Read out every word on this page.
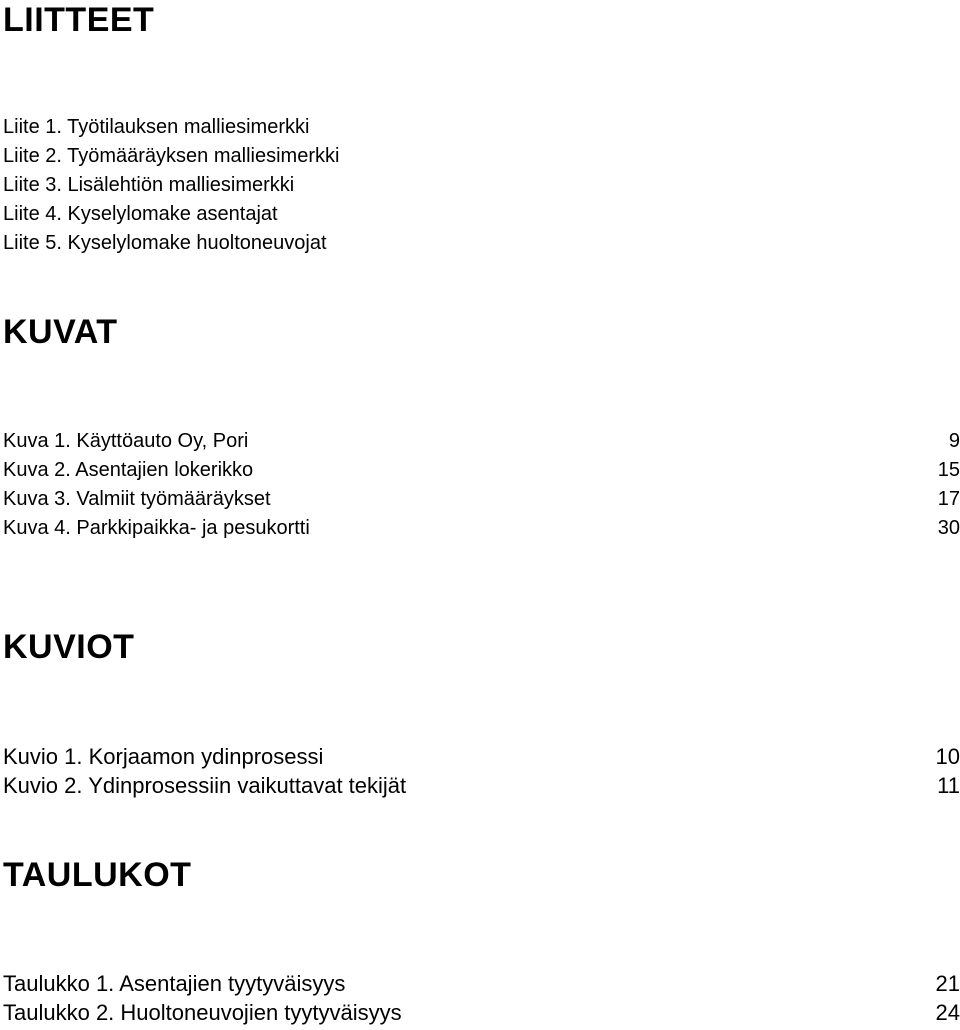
LIITTEET
Liite 1. Työtilauksen malliesimerkki
Liite 2. Työmääräyksen malliesimerkki
Liite 3. Lisälehtiön malliesimerkki
Liite 4. Kyselylomake asentajat
Liite 5. Kyselylomake huoltoneuvojat
KUVAT
Kuva 1. Käyttöauto Oy, Pori	9
Kuva 2. Asentajien lokerikko	15
Kuva 3. Valmiit työmääräykset	17
Kuva 4. Parkkipaikka- ja pesukortti	30
KUVIOT
Kuvio 1. Korjaamon ydinprosessi	10
Kuvio 2. Ydinprosessiin vaikuttavat tekijät	11
TAULUKOT
Taulukko 1. Asentajien tyytyväisyys	21
Taulukko 2. Huoltoneuvojien tyytyväisyys	24
